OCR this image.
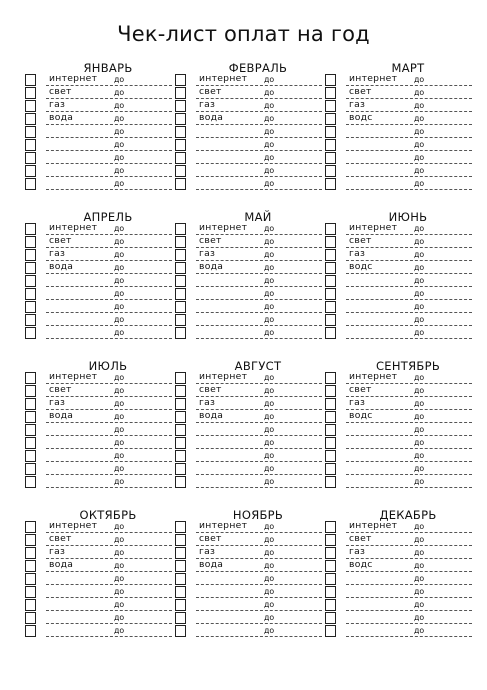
Чек-лист оплат на год
ЯНВАРЬ
интернет до
свет	до
газ	до
вода	до
до
до
до
до
до
ФЕВРАЛЬ
интернет до
свет	до
газ	до
вода	до
до
до
до
до
до
МАРТ
интернет до
свет	до
газ	до
водс	до
до
до
до
до
до
АПРЕЛЬ
интернет до
свет	до
газ	до
вода	до
до
до
до
до
до
МАЙ
интернет до
свет	до
газ	до
вода	до
до
до
до
до
до
ИЮНЬ
интернет до
свет	до
газ	до
водс	до
до
до
до
до
до
ИЮЛЬ
интернет до
свет	до
газ	до
вода	до
до
до
до
до
до
АВГУСТ
интернет до
свет	до
газ	до
вода	до
до
до
до
до
до
СЕНТЯБРЬ
интернет до
свет	до
газ	до
водс	до
до
до
до
до
до
ОКТЯБРЬ
интернет до
свет	до
газ	до
вода	до
до
до
до
до
до
НОЯБРЬ
интернет до
свет	до
газ	до
вода	до
до
до
до
до
до
ДЕКАБРЬ
интернет до
свет	до
газ	до
водс	до
до
до
до
до
до
